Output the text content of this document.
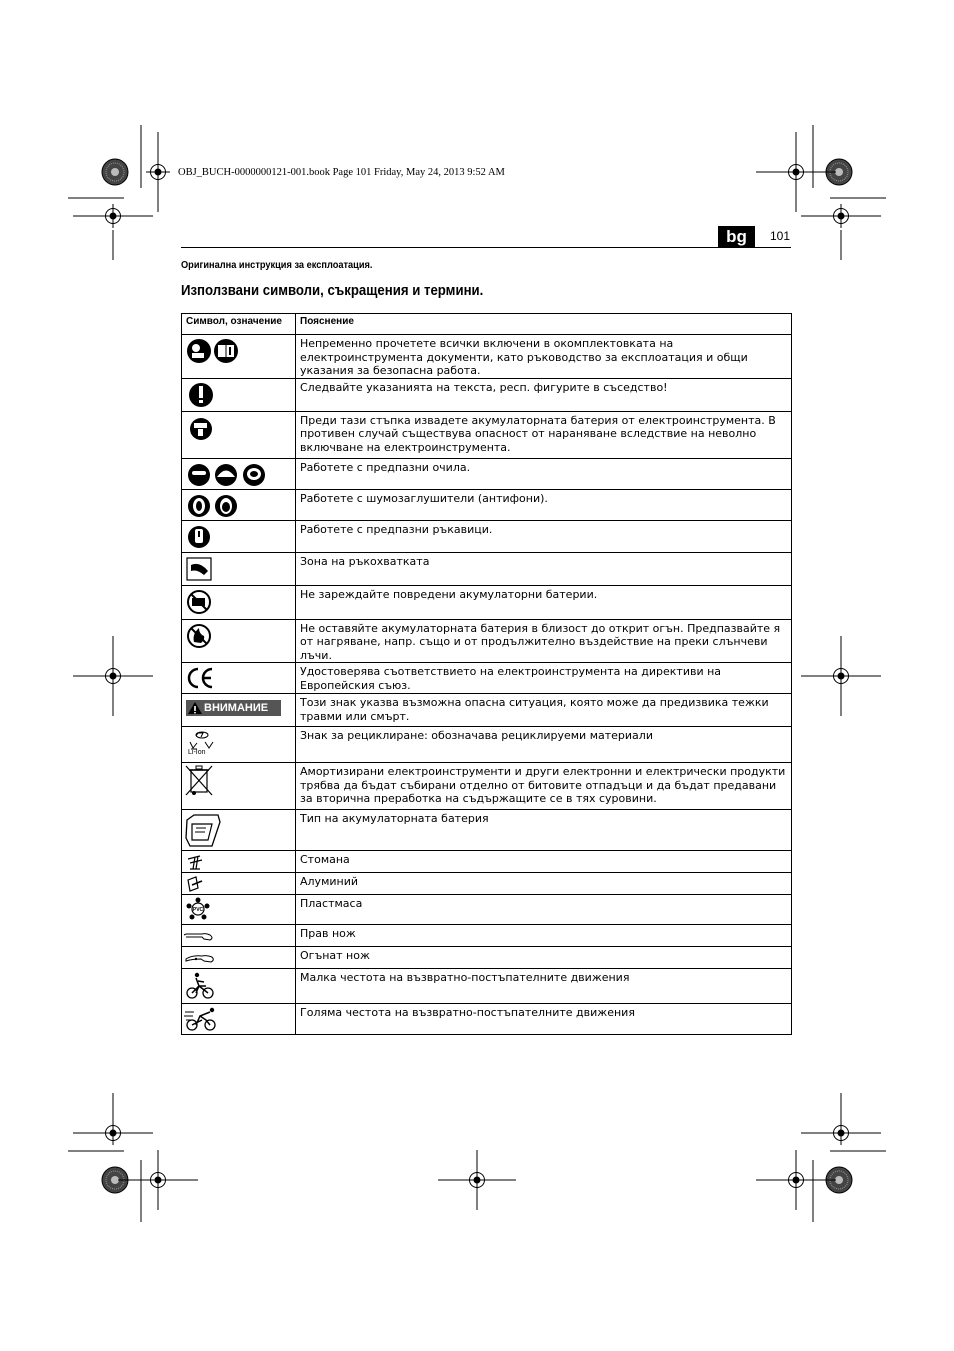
OBJ_BUCH-0000000121-001.book Page 101 Friday, May 24, 2013 9:52 AM
bg	101
Оригинална инструкция за експлоатация.
Използвани символи, съкращения и термини.
Символ, означение	Пояснение

	Непременно прочетете всички включени в окомплектовката на електроинструмента документи, като ръководство за експлоатация и общи указания за безопасна работа.

	Следвайте указанията на текста, респ. фигурите в съседство!

	Преди тази стъпка извадете акумулаторната батерия от електроинструмента. В противен случай съществува опасност от нараняване вследствие на неволно включване на електроинструмента.

	Работете с предпазни очила.

	Работете с шумозаглушители (антифони).

	Работете с предпазни ръкавици.

	Зона на ръкохватката

	Не зареждайте повредени акумулаторни батерии.

	Не оставяйте акумулаторната батерия в близост до открит огън. Предпазвайте я от нагряване, напр. също и от продължително въздействие на преки слънчеви лъчи.

	Удостоверява съответствието на електроинструмента на директиви на Европейския съюз.

ВНИМАНИЕ	Този знак указва възможна опасна ситуация, която може да предизвика тежки травми или смърт.

Li-Ion	Знак за рециклиране: обозначава рециклируеми материали

	Амортизирани електроинструменти и други електронни и електрически продукти трябва да бъдат събирани отделно от битовите отпадъци и да бъдат предавани за вторична преработка на съдържащите се в тях суровини.

	Тип на акумулаторната батерия

	Стомана

	Алуминий

PVC	Пластмаса

	Прав нож

	Огънат нож

	Малка честота на възвратно-постъпателните движения

	Голяма честота на възвратно-постъпателните движения
